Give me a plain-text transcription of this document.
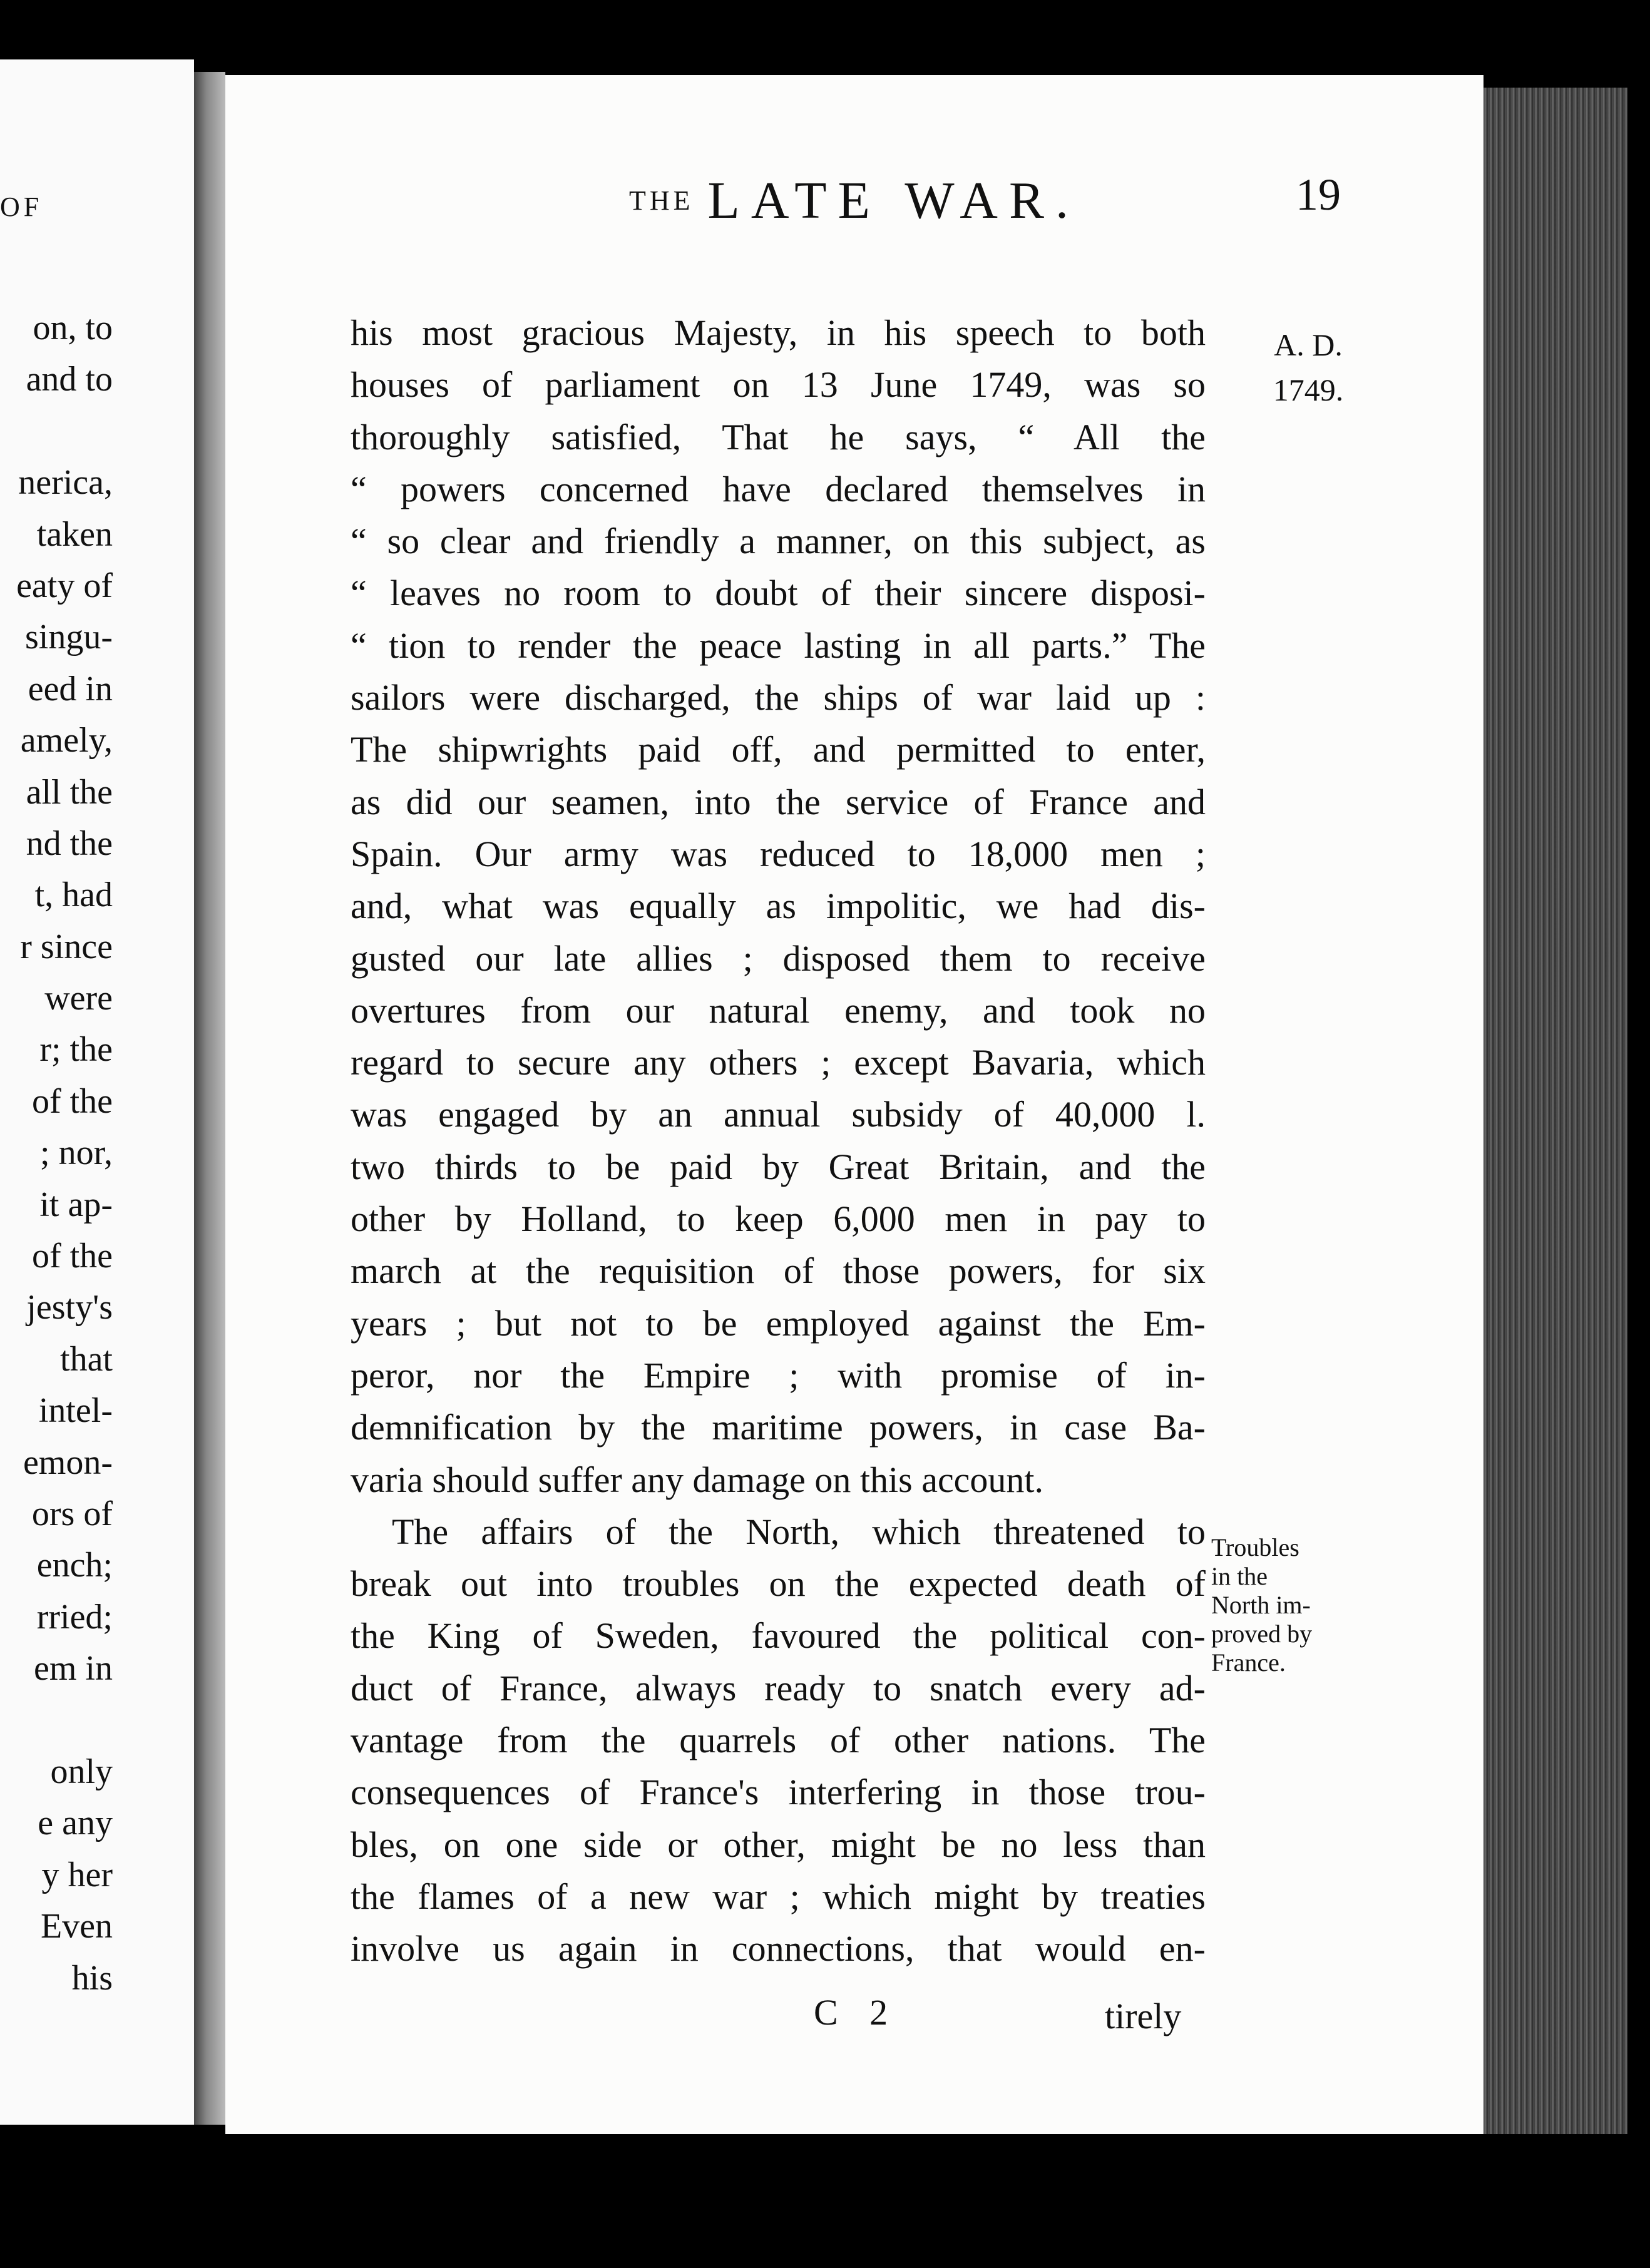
OF
on, to
and to
nerica,
taken
eaty of
singu-
eed in
amely,
all the
nd the
t, had
r since
were
r; the
of the
; nor,
it ap-
of the
jesty's
that
intel-
emon-
ors of
ench;
rried;
em in
only
e any
y her
Even
his
THE LATE WAR.	19
his most gracious Majesty, in his speech to both
houses of parliament on 13 June 1749, was so
thoroughly satisfied, That he says, “ All the
“ powers concerned have declared themselves in
“ so clear and friendly a manner, on this subject, as
“ leaves no room to doubt of their sincere disposi-
“ tion to render the peace lasting in all parts.” The
sailors were discharged, the ships of war laid up :
The shipwrights paid off, and permitted to enter,
as did our seamen, into the service of France and
Spain. Our army was reduced to 18,000 men ;
and, what was equally as impolitic, we had dis-
gusted our late allies ; disposed them to receive
overtures from our natural enemy, and took no
regard to secure any others ; except Bavaria, which
was engaged by an annual subsidy of 40,000 l.
two thirds to be paid by Great Britain, and the
other by Holland, to keep 6,000 men in pay to
march at the requisition of those powers, for six
years ; but not to be employed against the Em-
peror, nor the Empire ; with promise of in-
demnification by the maritime powers, in case Ba-
varia should suffer any damage on this account.
The affairs of the North, which threatened to
break out into troubles on the expected death of
the King of Sweden, favoured the political con-
duct of France, always ready to snatch every ad-
vantage from the quarrels of other nations. The
consequences of France's interfering in those trou-
bles, on one side or other, might be no less than
the flames of a new war ; which might by treaties
involve us again in connections, that would en-
A. D.
1749.
Troubles
in the
North im-
proved by
France.
C 2	tirely
